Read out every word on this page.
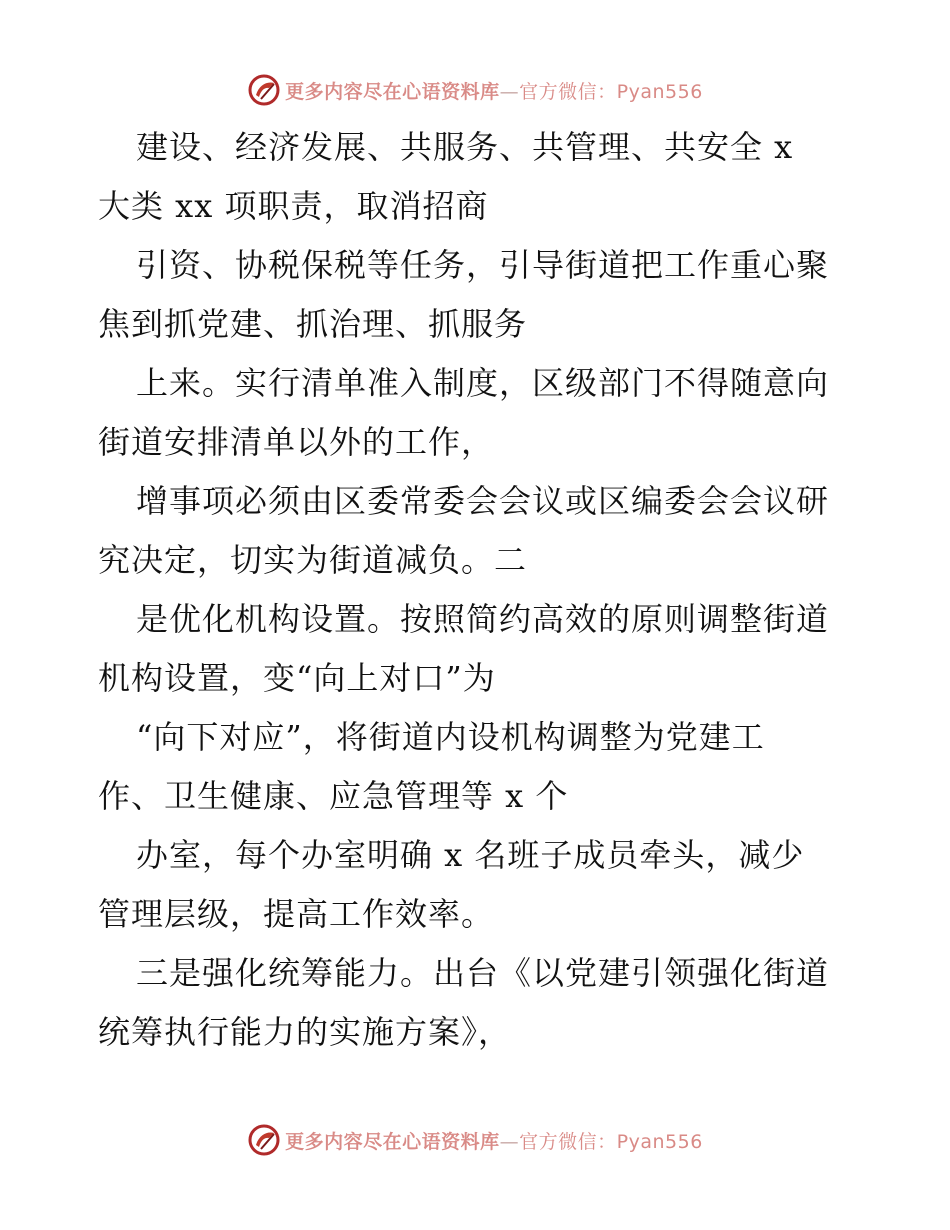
更多内容尽在心语资料库—官方微信：Pyan556
建设、经济发展、共服务、共管理、共安全 x
大类 xx 项职责，取消招商
引资、协税保税等任务，引导街道把工作重心聚
焦到抓党建、抓治理、抓服务
上来。实行清单准入制度，区级部门不得随意向
街道安排清单以外的工作，
增事项必须由区委常委会会议或区编委会会议研
究决定，切实为街道减负。二
是优化机构设置。按照简约高效的原则调整街道
机构设置，变“向上对口”为
“向下对应”，将街道内设机构调整为党建工
作、卫生健康、应急管理等 x 个
办室，每个办室明确 x 名班子成员牵头，减少
管理层级，提高工作效率。
三是强化统筹能力。出台《以党建引领强化街道
统筹执行能力的实施方案》，
更多内容尽在心语资料库—官方微信：Pyan556
